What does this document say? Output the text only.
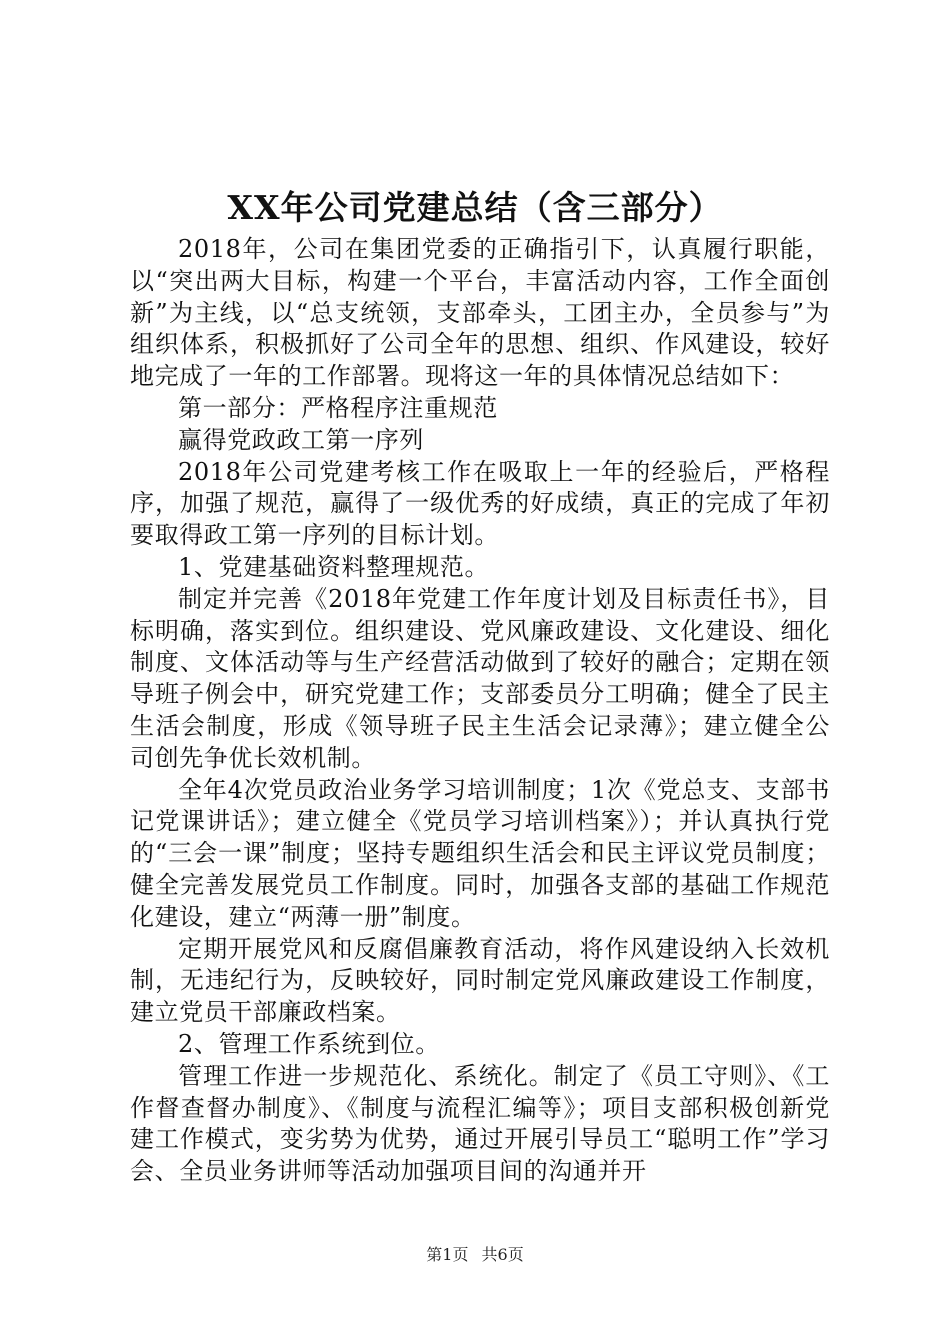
XX年公司党建总结（含三部分）

2018年，公司在集团党委的正确指引下，认真履行职能，以“突出两大目标，构建一个平台，丰富活动内容，工作全面创新”为主线，以“总支统领，支部牵头，工团主办，全员参与”为组织体系，积极抓好了公司全年的思想、组织、作风建设，较好地完成了一年的工作部署。现将这一年的具体情况总结如下：

第一部分：严格程序注重规范

赢得党政政工第一序列

2018年公司党建考核工作在吸取上一年的经验后，严格程序，加强了规范，赢得了一级优秀的好成绩，真正的完成了年初要取得政工第一序列的目标计划。

1、党建基础资料整理规范。

制定并完善《2018年党建工作年度计划及目标责任书》，目标明确，落实到位。组织建设、党风廉政建设、文化建设、细化制度、文体活动等与生产经营活动做到了较好的融合；定期在领导班子例会中，研究党建工作；支部委员分工明确；健全了民主生活会制度，形成《领导班子民主生活会记录薄》；建立健全公司创先争优长效机制。

全年4次党员政治业务学习培训制度；1次《党总支、支部书记党课讲话》；建立健全《党员学习培训档案》）；并认真执行党的“三会一课”制度；坚持专题组织生活会和民主评议党员制度；健全完善发展党员工作制度。同时，加强各支部的基础工作规范化建设，建立“两薄一册”制度。

定期开展党风和反腐倡廉教育活动，将作风建设纳入长效机制，无违纪行为，反映较好，同时制定党风廉政建设工作制度，建立党员干部廉政档案。

2、管理工作系统到位。

管理工作进一步规范化、系统化。制定了《员工守则》、《工作督查督办制度》、《制度与流程汇编等》；项目支部积极创新党建工作模式，变劣势为优势，通过开展引导员工“聪明工作”学习会、全员业务讲师等活动加强项目间的沟通并开

第1页 共6页
